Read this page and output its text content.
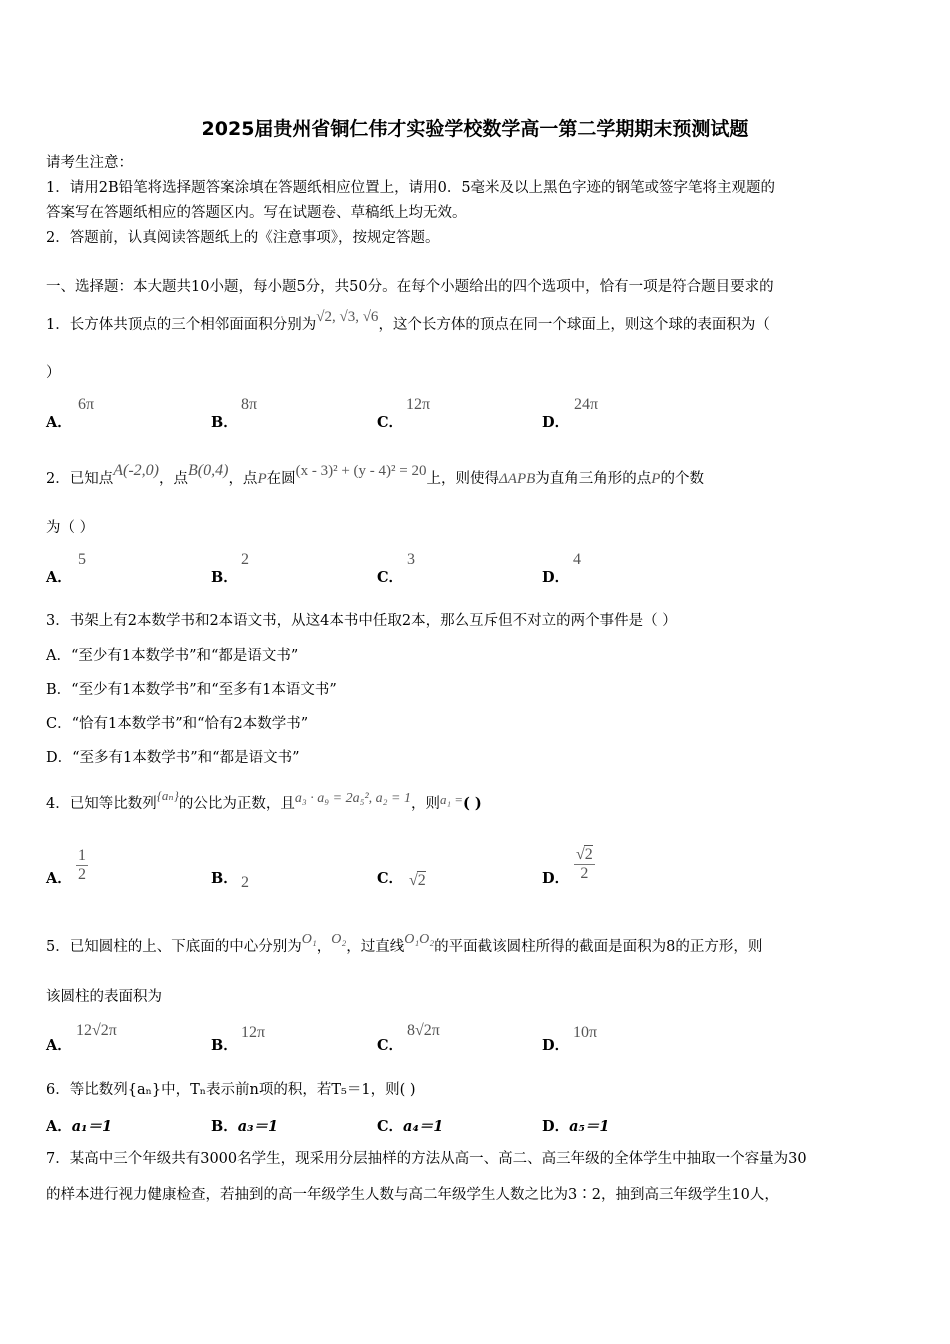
2025届贵州省铜仁伟才实验学校数学高一第二学期期末预测试题
请考生注意：
1．请用2B铅笔将选择题答案涂填在答题纸相应位置上，请用0．5毫米及以上黑色字迹的钢笔或签字笔将主观题的
答案写在答题纸相应的答题区内。写在试题卷、草稿纸上均无效。
2．答题前，认真阅读答题纸上的《注意事项》，按规定答题。
一、选择题：本大题共10小题，每小题5分，共50分。在每个小题给出的四个选项中，恰有一项是符合题目要求的
1．长方体共顶点的三个相邻面面积分别为√2, √3, √6，这个长方体的顶点在同一个球面上，则这个球的表面积为（
）
A．
6π
B．
8π
C．
12π
D．
24π
2．已知点A(-2,0)，点B(0,4)，点P在圆(x - 3)² + (y - 4)² = 20上，则使得ΔAPB为直角三角形的点P的个数
为（ ）
A．
5
B．
2
C．
3
D．
4
3．书架上有2本数学书和2本语文书，从这4本书中任取2本，那么互斥但不对立的两个事件是（ ）
A．“至少有1本数学书”和“都是语文书”
B．“至少有1本数学书”和“至多有1本语文书”
C．“恰有1本数学书”和“恰有2本数学书”
D．“至多有1本数学书”和“都是语文书”
4．已知等比数列{aₙ}的公比为正数，且a₃ · a₉ = 2a₅², a₂ = 1，则a₁ =( )
A． $\frac{1}{2}$	B． 2	C． √2	D． $\frac{√2}{2}$
5．已知圆柱的上、下底面的中心分别为O₁，O₂，过直线O₁O₂的平面截该圆柱所得的截面是面积为8的正方形，则
该圆柱的表面积为
A．
12√2π
B．
12π
C．
8√2π
D．
10π
6．等比数列{aₙ}中，Tₙ表示前n项的积，若T₅＝1，则( )
A．a₁＝1	B．a₃＝1	C．a₄＝1	D．a₅＝1
7．某高中三个年级共有3000名学生，现采用分层抽样的方法从高一、高二、高三年级的全体学生中抽取一个容量为30
的样本进行视力健康检查，若抽到的高一年级学生人数与高二年级学生人数之比为3∶2，抽到高三年级学生10人，
